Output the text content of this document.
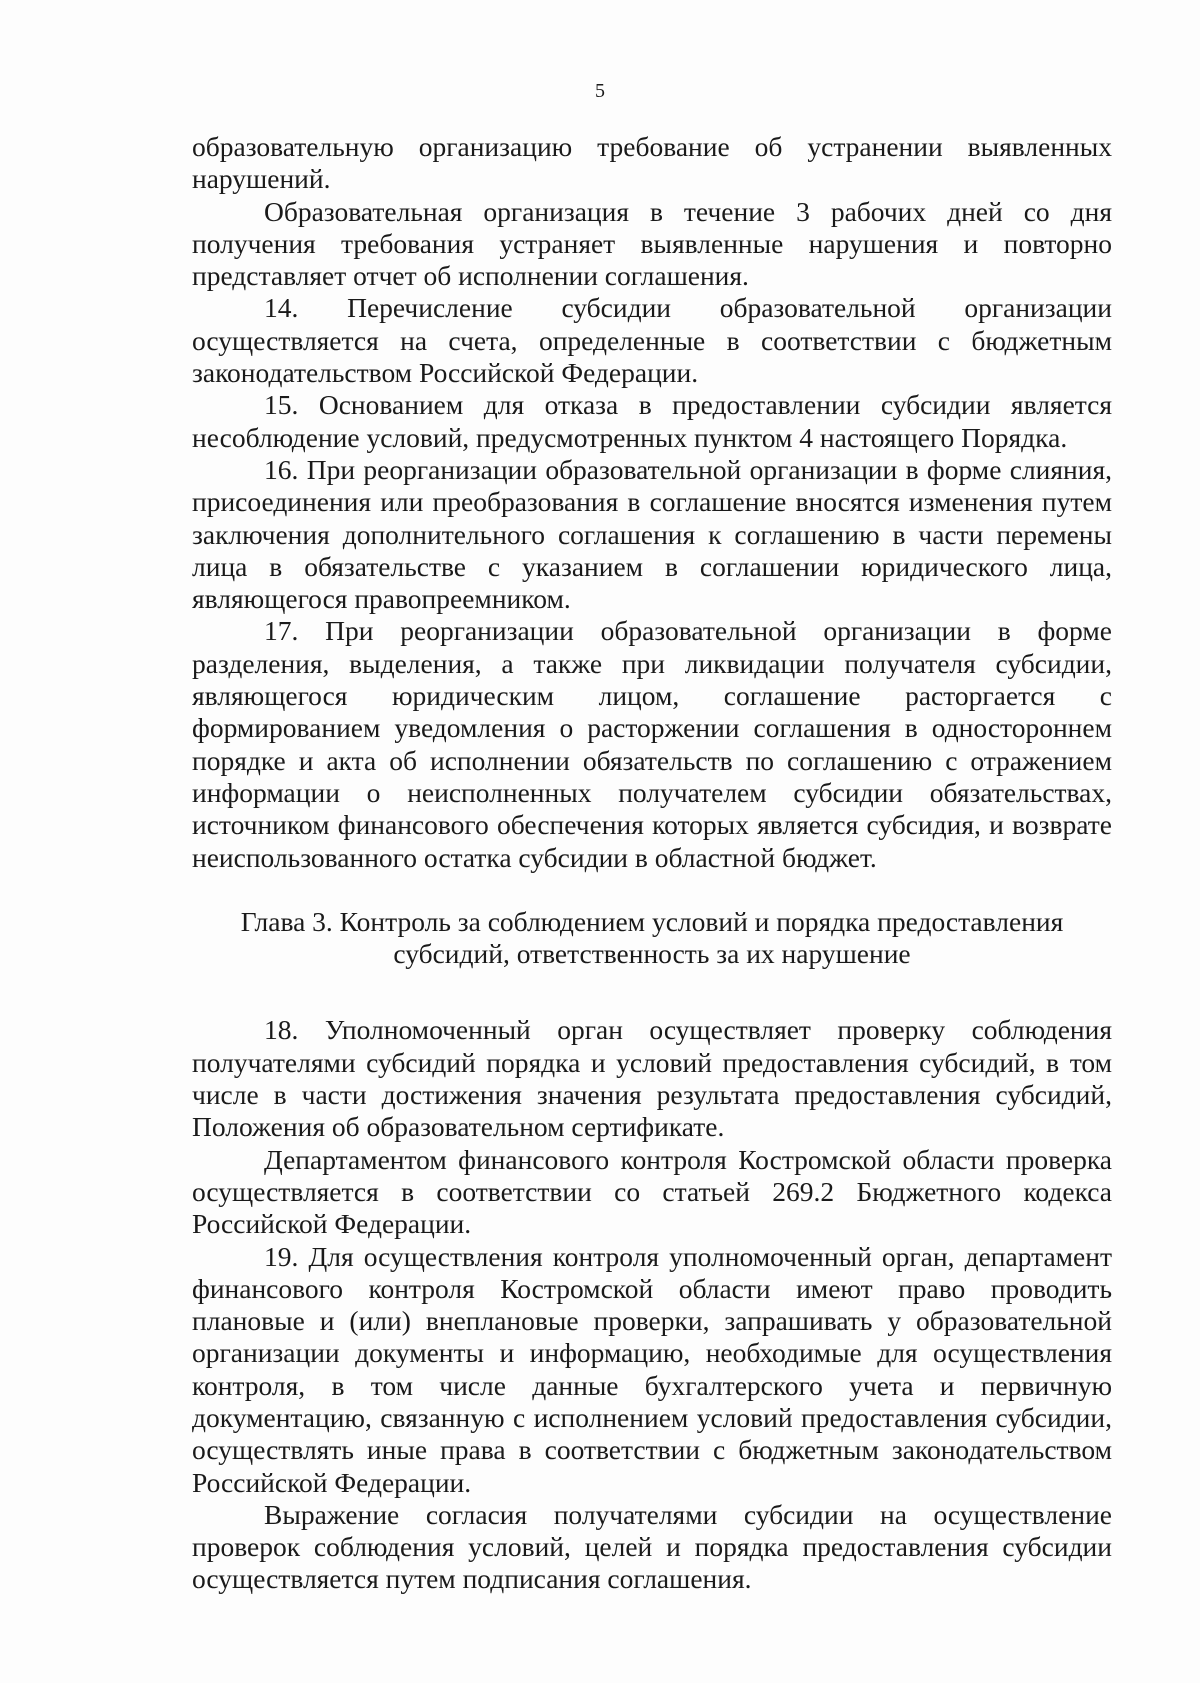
5

образовательную организацию требование об устранении выявленных нарушений.

Образовательная организация в течение 3 рабочих дней со дня получения требования устраняет выявленные нарушения и повторно представляет отчет об исполнении соглашения.

14. Перечисление субсидии образовательной организации осуществляется на счета, определенные в соответствии с бюджетным законодательством Российской Федерации.

15. Основанием для отказа в предоставлении субсидии является несоблюдение условий, предусмотренных пунктом 4 настоящего Порядка.

16. При реорганизации образовательной организации в форме слияния, присоединения или преобразования в соглашение вносятся изменения путем заключения дополнительного соглашения к соглашению в части перемены лица в обязательстве с указанием в соглашении юридического лица, являющегося правопреемником.

17. При реорганизации образовательной организации в форме разделения, выделения, а также при ликвидации получателя субсидии, являющегося юридическим лицом, соглашение расторгается с формированием уведомления о расторжении соглашения в одностороннем порядке и акта об исполнении обязательств по соглашению с отражением информации о неисполненных получателем субсидии обязательствах, источником финансового обеспечения которых является субсидия, и возврате неиспользованного остатка субсидии в областной бюджет.

Глава 3. Контроль за соблюдением условий и порядка предоставления
субсидий, ответственность за их нарушение

18. Уполномоченный орган осуществляет проверку соблюдения получателями субсидий порядка и условий предоставления субсидий, в том числе в части достижения значения результата предоставления субсидий, Положения об образовательном сертификате.

Департаментом финансового контроля Костромской области проверка осуществляется в соответствии со статьей 269.2 Бюджетного кодекса Российской Федерации.

19. Для осуществления контроля уполномоченный орган, департамент финансового контроля Костромской области имеют право проводить плановые и (или) внеплановые проверки, запрашивать у образовательной организации документы и информацию, необходимые для осуществления контроля, в том числе данные бухгалтерского учета и первичную документацию, связанную с исполнением условий предоставления субсидии, осуществлять иные права в соответствии с бюджетным законодательством Российской Федерации.

Выражение согласия получателями субсидии на осуществление проверок соблюдения условий, целей и порядка предоставления субсидии осуществляется путем подписания соглашения.
